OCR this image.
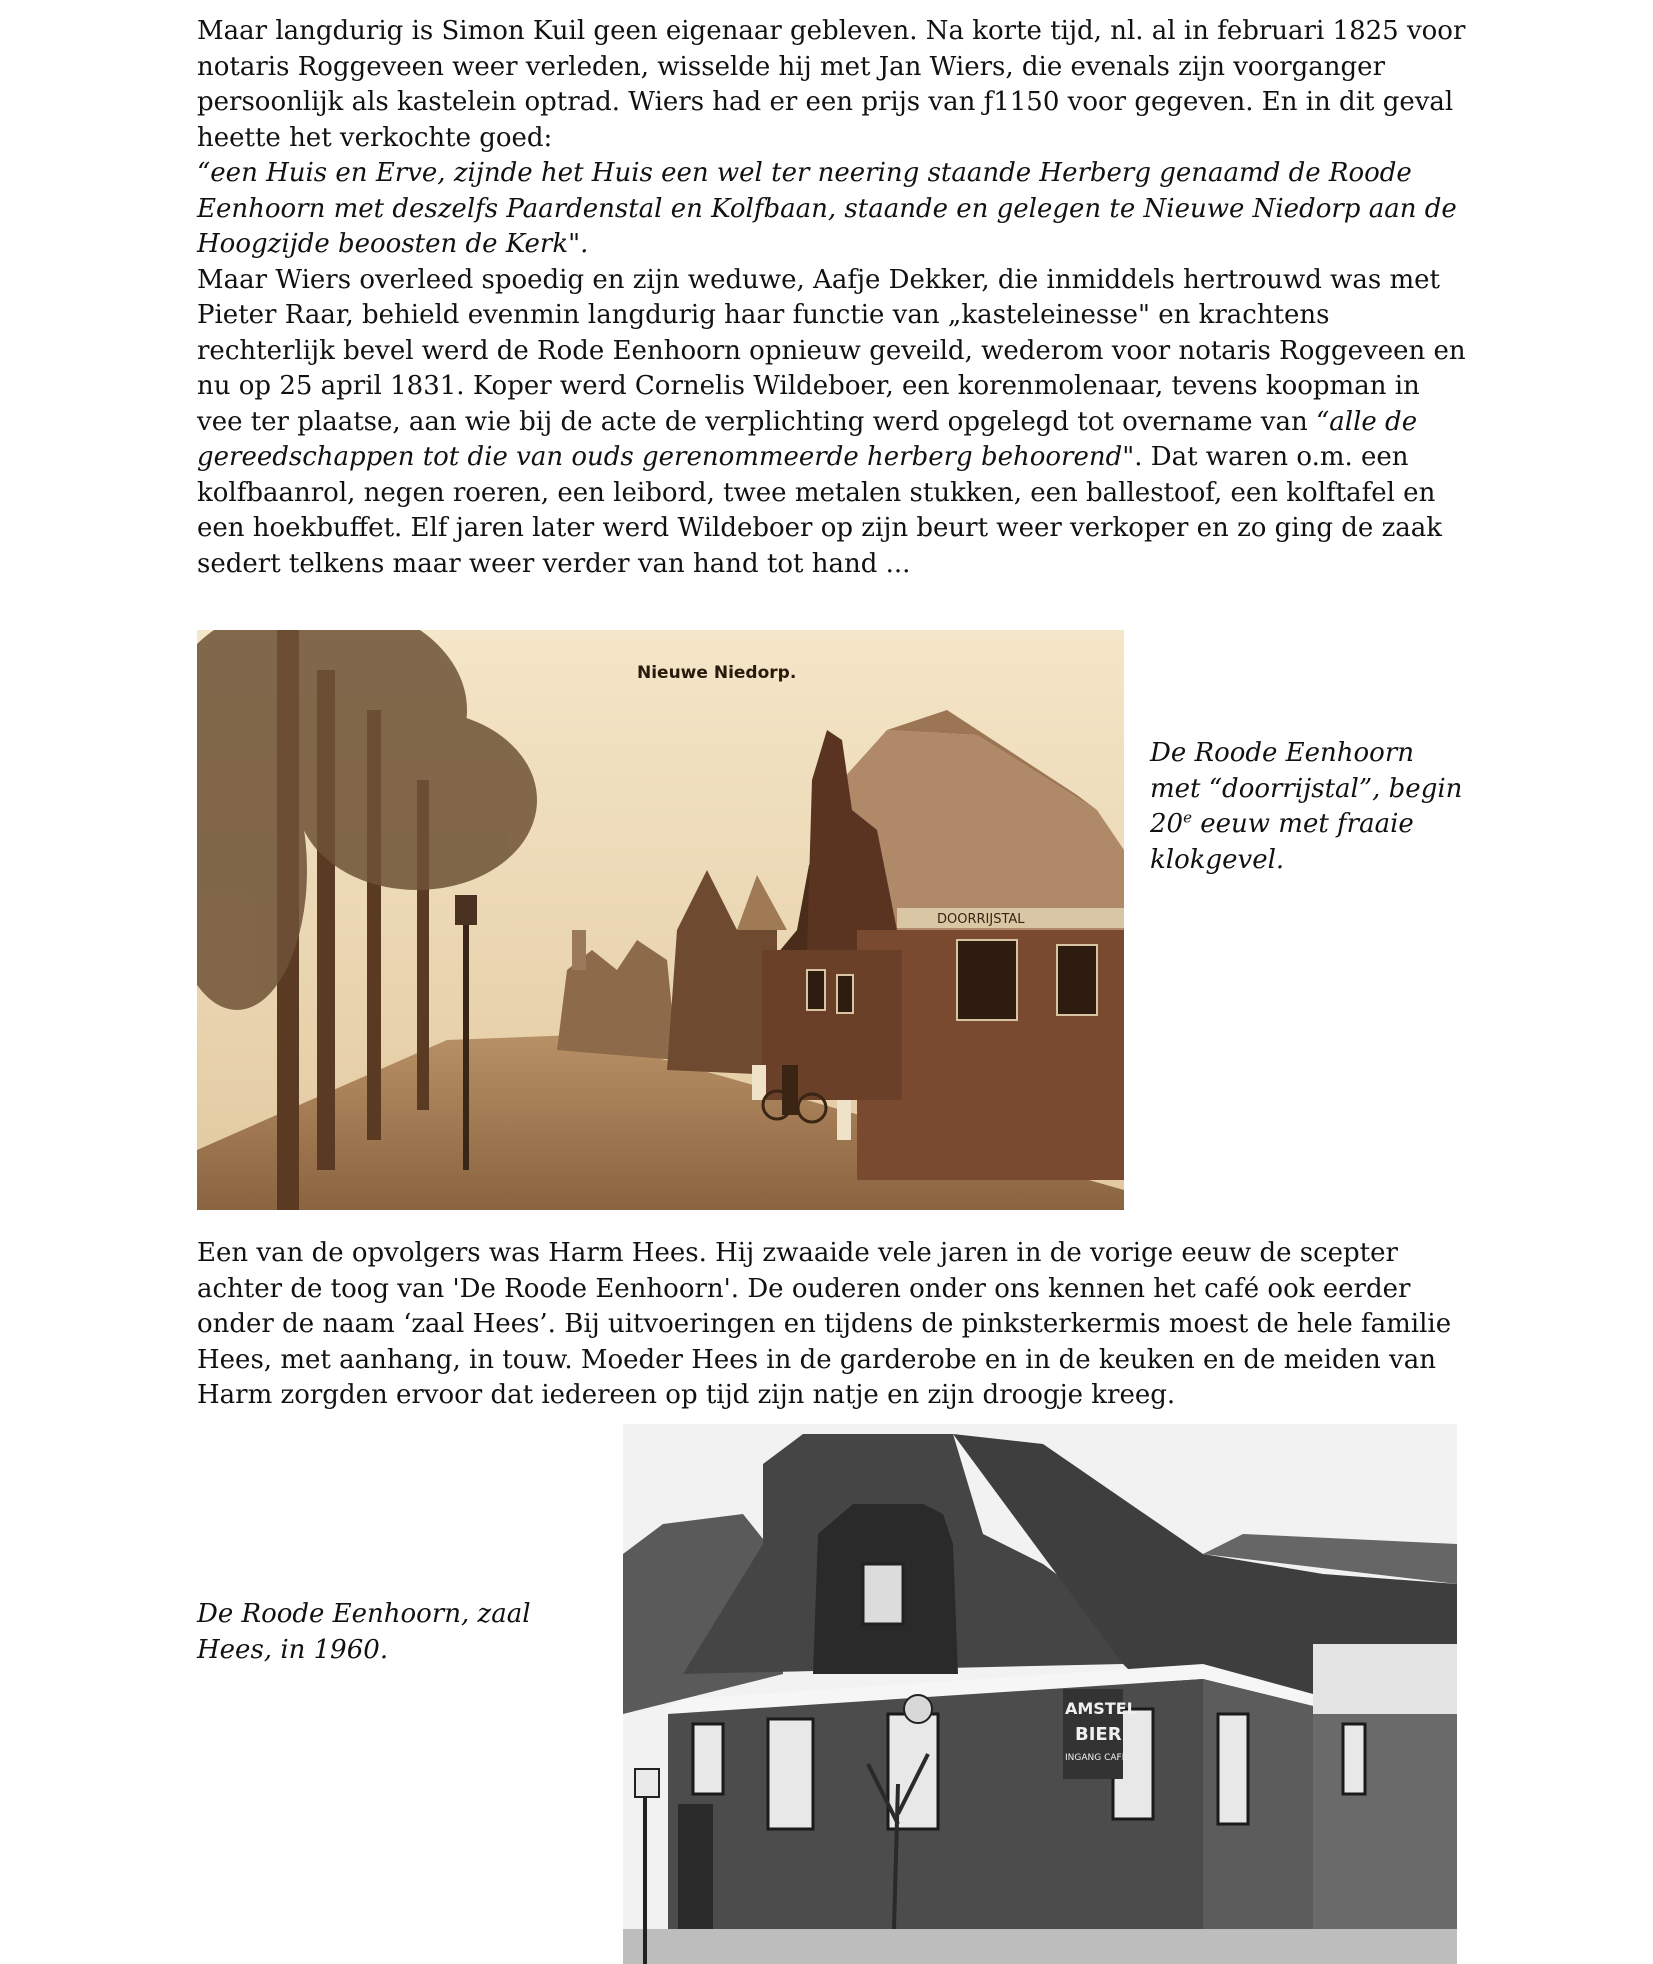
Maar langdurig is Simon Kuil geen eigenaar gebleven. Na korte tijd, nl. al in februari 1825 voor notaris Roggeveen weer verleden, wisselde hij met Jan Wiers, die evenals zijn voorganger persoonlijk als kastelein optrad. Wiers had er een prijs van ƒ1150 voor gegeven. En in dit geval heette het verkochte goed:

“een Huis en Erve, zijnde het Huis een wel ter neering staande Herberg genaamd de Roode Eenhoorn met deszelfs Paardenstal en Kolfbaan, staande en gelegen te Nieuwe Niedorp aan de Hoogzijde beoosten de Kerk".

Maar Wiers overleed spoedig en zijn weduwe, Aafje Dekker, die inmiddels hertrouwd was met Pieter Raar, behield evenmin langdurig haar functie van „kasteleinesse" en krachtens rechterlijk bevel werd de Rode Eenhoorn opnieuw geveild, wederom voor notaris Roggeveen en nu op 25 april 1831. Koper werd Cornelis Wildeboer, een korenmolenaar, tevens koopman in vee ter plaatse, aan wie bij de acte de verplichting werd opgelegd tot overname van “alle de gereedschappen tot die van ouds gerenommeerde herberg behoorend". Dat waren o.m. een kolfbaanrol, negen roeren, een leibord, twee metalen stukken, een ballestoof, een kolftafel en een hoekbuffet. Elf jaren later werd Wildeboer op zijn beurt weer verkoper en zo ging de zaak sedert telkens maar weer verder van hand tot hand ...

DOORRIJSTAL
Nieuwe Niedorp.

De Roode Eenhoorn met “doorrijstal”, begin 20e eeuw met fraaie klokgevel.

Een van de opvolgers was Harm Hees. Hij zwaaide vele jaren in de vorige eeuw de scepter achter de toog van 'De Roode Eenhoorn'. De ouderen onder ons kennen het café ook eerder onder de naam ‘zaal Hees’. Bij uitvoeringen en tijdens de pinksterkermis moest de hele familie Hees, met aanhang, in touw. Moeder Hees in de garderobe en in de keuken en de meiden van Harm zorgden ervoor dat iedereen op tijd zijn natje en zijn droogje kreeg.

De Roode Eenhoorn, zaal Hees, in 1960.

AMSTEL
BIER
INGANG CAFÉ
